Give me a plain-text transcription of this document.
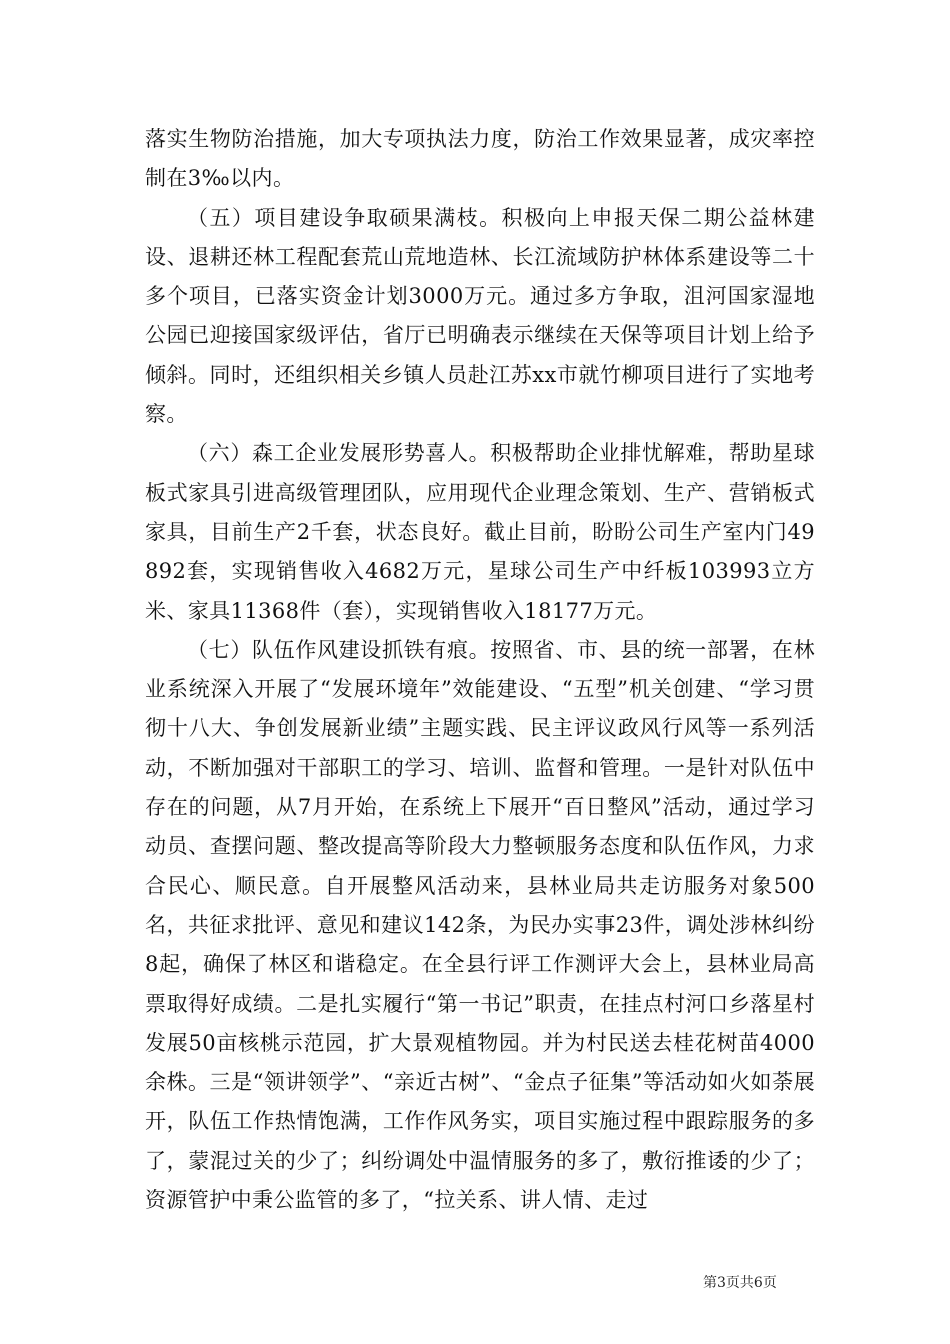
落实生物防治措施，加大专项执法力度，防治工作效果显著，成灾率控制在3‰以内。

（五）项目建设争取硕果满枝。积极向上申报天保二期公益林建设、退耕还林工程配套荒山荒地造林、长江流域防护林体系建设等二十多个项目，已落实资金计划3000万元。通过多方争取，沮河国家湿地公园已迎接国家级评估，省厅已明确表示继续在天保等项目计划上给予倾斜。同时，还组织相关乡镇人员赴江苏xx市就竹柳项目进行了实地考察。

（六）森工企业发展形势喜人。积极帮助企业排忧解难，帮助星球板式家具引进高级管理团队，应用现代企业理念策划、生产、营销板式家具，目前生产2千套，状态良好。截止目前，盼盼公司生产室内门49892套，实现销售收入4682万元，星球公司生产中纤板103993立方米、家具11368件（套），实现销售收入18177万元。

（七）队伍作风建设抓铁有痕。按照省、市、县的统一部署，在林业系统深入开展了“发展环境年”效能建设、“五型”机关创建、“学习贯彻十八大、争创发展新业绩”主题实践、民主评议政风行风等一系列活动，不断加强对干部职工的学习、培训、监督和管理。一是针对队伍中存在的问题，从7月开始，在系统上下展开“百日整风”活动，通过学习动员、查摆问题、整改提高等阶段大力整顿服务态度和队伍作风，力求合民心、顺民意。自开展整风活动来，县林业局共走访服务对象500名，共征求批评、意见和建议142条，为民办实事23件，调处涉林纠纷8起，确保了林区和谐稳定。在全县行评工作测评大会上，县林业局高票取得好成绩。二是扎实履行“第一书记”职责，在挂点村河口乡落星村发展50亩核桃示范园，扩大景观植物园。并为村民送去桂花树苗4000余株。三是“领讲领学”、“亲近古树”、“金点子征集”等活动如火如荼展开，队伍工作热情饱满，工作作风务实，项目实施过程中跟踪服务的多了，蒙混过关的少了；纠纷调处中温情服务的多了，敷衍推诿的少了；资源管护中秉公监管的多了，“拉关系、讲人情、走过

第3页共6页
